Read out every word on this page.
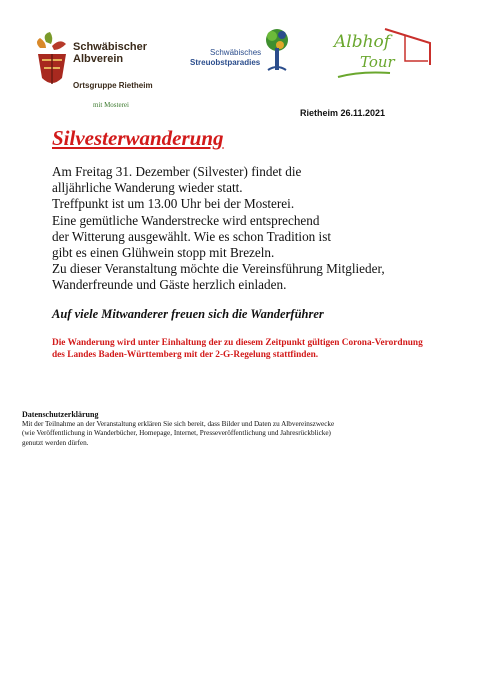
Schwäbischer
Albverein
Ortsgruppe Rietheim
mit Mosterei
Schwäbisches
Streuobstparadies
Albhof
Tour
Rietheim 26.11.2021
Silvesterwanderung
Am Freitag 31. Dezember (Silvester) findet die
alljährliche Wanderung wieder statt.
Treffpunkt ist um 13.00 Uhr bei der Mosterei.
Eine gemütliche Wanderstrecke wird entsprechend
der Witterung ausgewählt. Wie es schon Tradition ist
gibt es einen Glühwein stopp mit Brezeln.
Zu dieser Veranstaltung möchte die Vereinsführung Mitglieder,
Wanderfreunde und Gäste herzlich einladen.
Auf viele Mitwanderer freuen sich die Wanderführer
Die Wanderung wird unter Einhaltung der zu diesem Zeitpunkt gültigen Corona-Verordnung
des Landes Baden-Württemberg mit der 2-G-Regelung stattfinden.
Datenschutzerklärung
Mit der Teilnahme an der Veranstaltung erklären Sie sich bereit, dass Bilder und Daten zu Albvereinszwecke
(wie Veröffentlichung in Wanderbücher, Homepage, Internet, Presseveröffentlichung und Jahresrückblicke)
genutzt werden dürfen.
